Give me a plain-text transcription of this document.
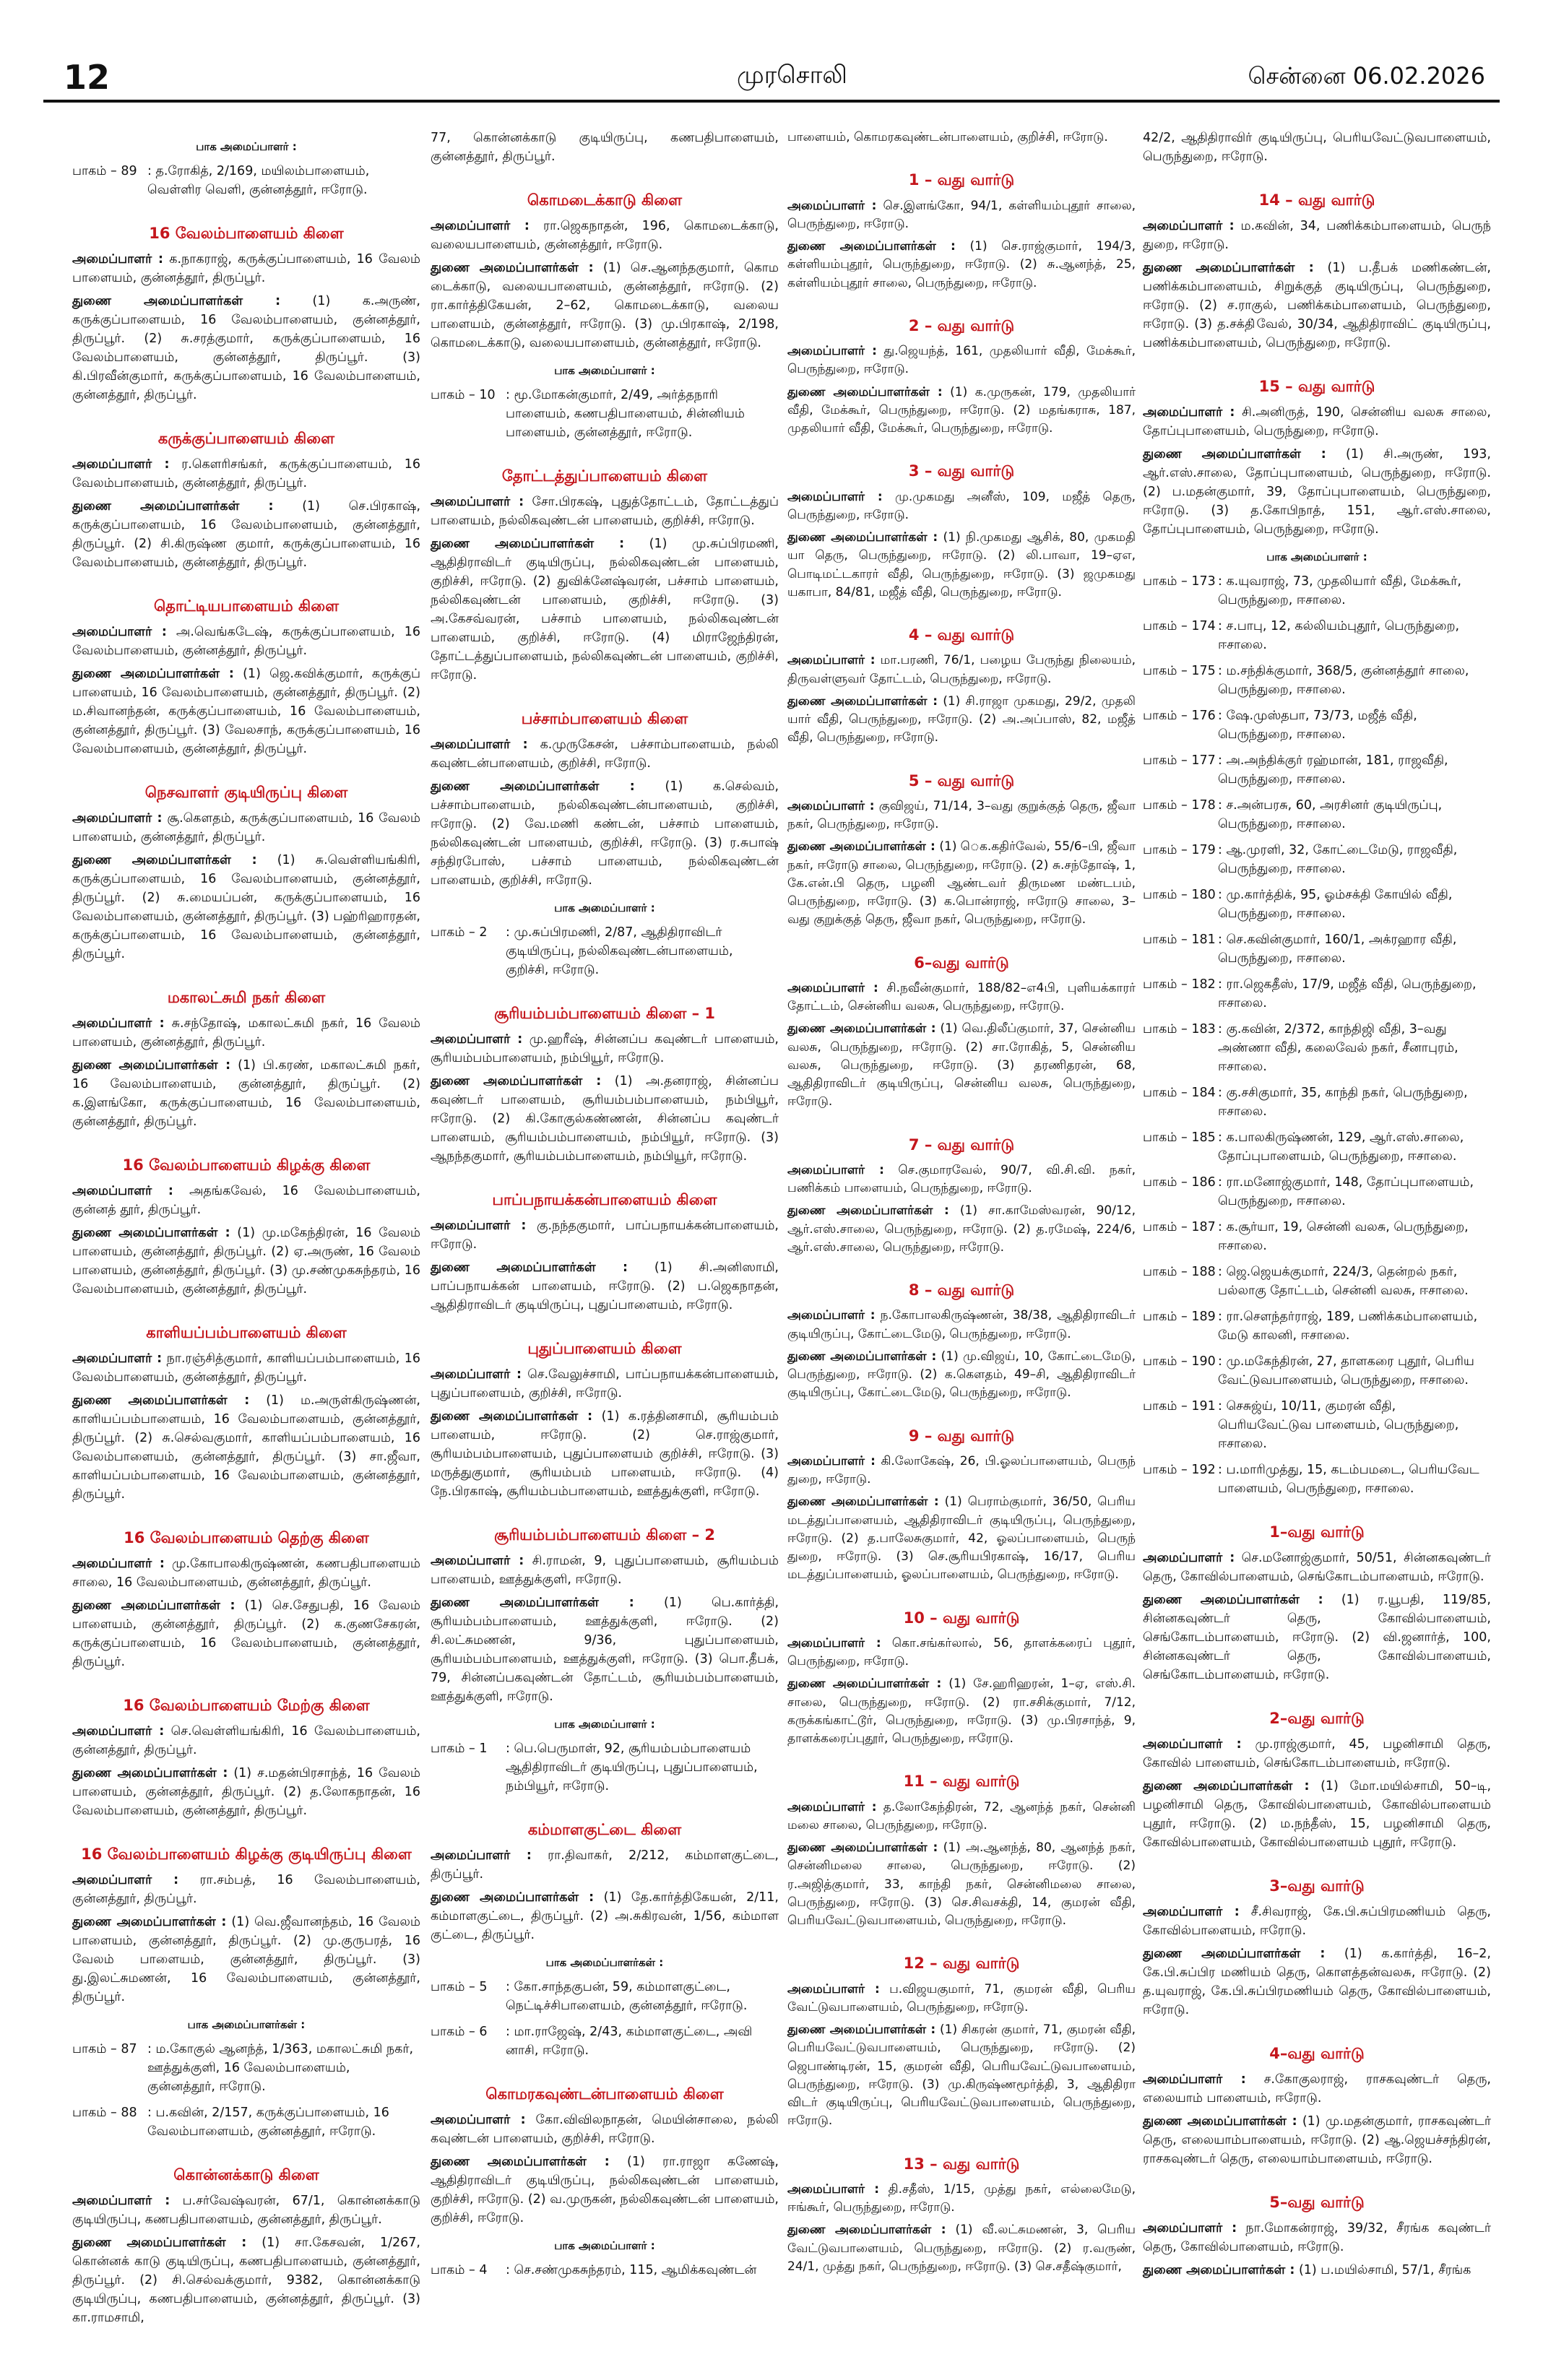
12	முரசொலி	சென்னை 06.02.2026
பாக அமைப்பாளர் :
பாகம் – 89 : த.ரோகித், 2/169, மயிலம்பாளையம், வெள்ளிர வெளி, குன்னத்தூர், ஈரோடு.
16 வேலம்பாளையம் கிளை

அமைப்பாளர் : க.நாகராஜ், கருக்குப்பாளையம், 16 வேலம் பாளையம், குன்னத்தூர், திருப்பூர்.

துணை அமைப்பாளர்கள் : (1) க.அருண், கருக்குப்பாளையம், 16 வேலம்பாளையம், குன்னத்தூர், திருப்பூர். (2) சு.சரத்குமார், கருக்குப்பாளையம், 16 வேலம்பாளையம், குன்னத்தூர், திருப்பூர். (3) கி.பிரவீன்குமார், கருக்குப்பாளையம், 16 வேலம்பாளையம், குன்னத்தூர், திருப்பூர்.

கருக்குப்பாளையம் கிளை

அமைப்பாளர் : ர.கௌரிசங்கர், கருக்குப்பாளையம், 16 வேலம்பாளையம், குன்னத்தூர், திருப்பூர்.

துணை அமைப்பாளர்கள் : (1) செ.பிரகாஷ், கருக்குப்பாளையம், 16 வேலம்பாளையம், குன்னத்தூர், திருப்பூர். (2) சி.கிருஷ்ண குமார், கருக்குப்பாளையம், 16 வேலம்பாளையம், குன்னத்தூர், திருப்பூர்.

தொட்டியபாளையம் கிளை

அமைப்பாளர் : அ.வெங்கடேஷ், கருக்குப்பாளையம், 16 வேலம்பாளையம், குன்னத்தூர், திருப்பூர்.

துணை அமைப்பாளர்கள் : (1) ஜெ.கவிக்குமார், கருக்குப் பாளையம், 16 வேலம்பாளையம், குன்னத்தூர், திருப்பூர். (2) ம.சிவானந்தன், கருக்குப்பாளையம், 16 வேலம்பாளையம், குன்னத்தூர், திருப்பூர். (3) வேலசாந், கருக்குப்பாளையம், 16 வேலம்பாளையம், குன்னத்தூர், திருப்பூர்.

நெசவாளர் குடியிருப்பு கிளை

அமைப்பாளர் : சூ.கௌதம், கருக்குப்பாளையம், 16 வேலம் பாளையம், குன்னத்தூர், திருப்பூர்.

துணை அமைப்பாளர்கள் : (1) சு.வெள்ளியங்கிரி, கருக்குப்பாளையம், 16 வேலம்பாளையம், குன்னத்தூர், திருப்பூர். (2) சு.மையப்பன், கருக்குப்பாளையம், 16 வேலம்பாளையம், குன்னத்தூர், திருப்பூர். (3) பஹ்ரிஹாரதன், கருக்குப்பாளையம், 16 வேலம்பாளையம், குன்னத்தூர், திருப்பூர்.

மகாலட்சுமி நகர் கிளை

அமைப்பாளர் : சு.சந்தோஷ், மகாலட்சுமி நகர், 16 வேலம் பாளையம், குன்னத்தூர், திருப்பூர்.

துணை அமைப்பாளர்கள் : (1) பி.கரண், மகாலட்சுமி நகர், 16 வேலம்பாளையம், குன்னத்தூர், திருப்பூர். (2) க.இளங்கோ, கருக்குப்பாளையம், 16 வேலம்பாளையம், குன்னத்தூர், திருப்பூர்.

16 வேலம்பாளையம் கிழக்கு கிளை

அமைப்பாளர் : அதங்கவேல், 16 வேலம்பாளையம், குன்னத் தூர், திருப்பூர்.

துணை அமைப்பாளர்கள் : (1) மு.மகேந்திரன், 16 வேலம் பாளையம், குன்னத்தூர், திருப்பூர். (2) ஏ.அருண், 16 வேலம் பாளையம், குன்னத்தூர், திருப்பூர். (3) மு.சண்முகசுந்தரம், 16 வேலம்பாளையம், குன்னத்தூர், திருப்பூர்.

காளியப்பம்பாளையம் கிளை

அமைப்பாளர் : நா.ரஞ்சித்குமார், காளியப்பம்பாளையம், 16 வேலம்பாளையம், குன்னத்தூர், திருப்பூர்.

துணை அமைப்பாளர்கள் : (1) ம.அருள்கிருஷ்ணன், காளியப்பம்பாளையம், 16 வேலம்பாளையம், குன்னத்தூர், திருப்பூர். (2) சு.செல்வகுமார், காளியப்பம்பாளையம், 16 வேலம்பாளையம், குன்னத்தூர், திருப்பூர். (3) சா.ஜீவா, காளியப்பம்பாளையம், 16 வேலம்பாளையம், குன்னத்தூர், திருப்பூர்.

16 வேலம்பாளையம் தெற்கு கிளை

அமைப்பாளர் : மு.கோபாலகிருஷ்ணன், கணபதிபாளையம் சாலை, 16 வேலம்பாளையம், குன்னத்தூர், திருப்பூர்.

துணை அமைப்பாளர்கள் : (1) செ.சேதுபதி, 16 வேலம் பாளையம், குன்னத்தூர், திருப்பூர். (2) க.குணசேகரன், கருக்குப்பாளையம், 16 வேலம்பாளையம், குன்னத்தூர், திருப்பூர்.

16 வேலம்பாளையம் மேற்கு கிளை

அமைப்பாளர் : செ.வெள்ளியங்கிரி, 16 வேலம்பாளையம், குன்னத்தூர், திருப்பூர்.

துணை அமைப்பாளர்கள் : (1) ச.மதன்பிரசாந்த், 16 வேலம் பாளையம், குன்னத்தூர், திருப்பூர். (2) த.லோகநாதன், 16 வேலம்பாளையம், குன்னத்தூர், திருப்பூர்.

16 வேலம்பாளையம் கிழக்கு குடியிருப்பு கிளை

அமைப்பாளர் : ரா.சம்பத், 16 வேலம்பாளையம், குன்னத்தூர், திருப்பூர்.

துணை அமைப்பாளர்கள் : (1) வெ.ஜீவானந்தம், 16 வேலம் பாளையம், குன்னத்தூர், திருப்பூர். (2) மு.குருபரத், 16 வேலம் பாளையம், குன்னத்தூர், திருப்பூர். (3) து.இலட்சுமணன், 16 வேலம்பாளையம், குன்னத்தூர், திருப்பூர்.

பாக அமைப்பாளர்கள் :
பாகம் – 87 : ம.கோகுல் ஆனந்த், 1/363, மகாலட்சுமி நகர், ஊத்துக்குளி, 16 வேலம்பாளையம், குன்னத்தூர், ஈரோடு.
பாகம் – 88 : ப.கவின், 2/157, கருக்குப்பாளையம், 16 வேலம்பாளையம், குன்னத்தூர், ஈரோடு.
கொன்னக்காடு கிளை

அமைப்பாளர் : ப.சர்வேஷ்வரன், 67/1, கொன்னக்காடு குடியிருப்பு, கணபதிபாளையம், குன்னத்தூர், திருப்பூர்.

துணை அமைப்பாளர்கள் : (1) சா.கேசவன், 1/267, கொன்னக் காடு குடியிருப்பு, கணபதிபாளையம், குன்னத்தூர், திருப்பூர். (2) சி.செல்வக்குமார், 9382, கொன்னக்காடு குடியிருப்பு, கணபதிபாளையம், குன்னத்தூர், திருப்பூர். (3) கா.ராமசாமி,

77, கொன்னக்காடு குடியிருப்பு, கணபதிபாளையம், குன்னத்தூர், திருப்பூர்.

கொமடைக்காடு கிளை

அமைப்பாளர் : ரா.ஜெகநாதன், 196, கொமடைக்காடு, வலையபாளையம், குன்னத்தூர், ஈரோடு.

துணை அமைப்பாளர்கள் : (1) செ.ஆனந்தகுமார், கொம டைக்காடு, வலையபாளையம், குன்னத்தூர், ஈரோடு. (2) ரா.கார்த்திகேயன், 2–62, கொமடைக்காடு, வலைய பாளையம், குன்னத்தூர், ஈரோடு. (3) மு.பிரகாஷ், 2/198, கொமடைக்காடு, வலையபாளையம், குன்னத்தூர், ஈரோடு.

பாக அமைப்பாளர் :
பாகம் – 10 : மூ.மோகன்குமார், 2/49, அர்த்தநாரி பாளையம், கணபதிபாளையம், சின்னியம் பாளையம், குன்னத்தூர், ஈரோடு.
தோட்டத்துப்பாளையம் கிளை

அமைப்பாளர் : சோ.பிரகஷ், புதுத்தோட்டம், தோட்டத்துப் பாளையம், நல்லிகவுண்டன் பாளையம், குறிச்சி, ஈரோடு.

துணை அமைப்பாளர்கள் : (1) மு.சுப்பிரமணி, ஆதிதிராவிடர் குடியிருப்பு, நல்லிகவுண்டன் பாளையம், குறிச்சி, ஈரோடு. (2) துவிக்னேஷ்வரன், பச்சாம் பாளையம், நல்லிகவுண்டன் பாளையம், குறிச்சி, ஈரோடு. (3) அ.கேசவ்வரன், பச்சாம் பாளையம், நல்லிகவுண்டன் பாளையம், குறிச்சி, ஈரோடு. (4) மிராஜேந்திரன், தோட்டத்துப்பாளையம், நல்லிகவுண்டன் பாளையம், குறிச்சி, ஈரோடு.

பச்சாம்பாளையம் கிளை

அமைப்பாளர் : க.முருகேசன், பச்சாம்பாளையம், நல்லி கவுண்டன்பாளையம், குறிச்சி, ஈரோடு.

துணை அமைப்பாளர்கள் : (1) க.செல்வம், பச்சாம்பாளையம், நல்லிகவுண்டன்பாளையம், குறிச்சி, ஈரோடு. (2) வே.மணி கண்டன், பச்சாம் பாளையம், நல்லிகவுண்டன் பாளையம், குறிச்சி, ஈரோடு. (3) ர.சுபாஷ் சந்திரபோஸ், பச்சாம் பாளையம், நல்லிகவுண்டன் பாளையம், குறிச்சி, ஈரோடு.

பாக அமைப்பாளர் :
பாகம் – 2	: மு.சுப்பிரமணி, 2/87, ஆதிதிராவிடர் குடியிருப்பு, நல்லிகவுண்டன்பாளையம், குறிச்சி, ஈரோடு.
சூரியம்பம்பாளையம் கிளை – 1

அமைப்பாளர் : மு.ஹரீஷ், சின்னப்ப கவுண்டர் பாளையம், சூரியம்பம்பாளையம், நம்பியூர், ஈரோடு.

துணை அமைப்பாளர்கள் : (1) அ.தனராஜ், சின்னப்ப கவுண்டர் பாளையம், சூரியம்பம்பாளையம், நம்பியூர், ஈரோடு. (2) கி.கோகுல்கண்ணன், சின்னப்ப கவுண்டர் பாளையம், சூரியம்பம்பாளையம், நம்பியூர், ஈரோடு. (3) ஆநந்தகுமார், சூரியம்பம்பாளையம், நம்பியூர், ஈரோடு.

பாப்பநாயக்கன்பாளையம் கிளை

அமைப்பாளர் : கு.நந்தகுமார், பாப்பநாயக்கன்பாளையம், ஈரோடு.

துணை அமைப்பாளர்கள் : (1) சி.அனிஸாமி, பாப்பநாயக்கன் பாளையம், ஈரோடு. (2) ப.ஜெகநாதன், ஆதிதிராவிடர் குடியிருப்பு, புதுப்பாளையம், ஈரோடு.

புதுப்பாளையம் கிளை

அமைப்பாளர் : செ.வேலுச்சாமி, பாப்பநாயக்கன்பாளையம், புதுப்பாளையம், குறிச்சி, ஈரோடு.

துணை அமைப்பாளர்கள் : (1) க.ரத்தினசாமி, சூரியம்பம் பாளையம், ஈரோடு. (2) செ.ராஜ்குமார், சூரியம்பம்பாளையம், புதுப்பாளையம் குறிச்சி, ஈரோடு. (3) மருத்துகுமார், சூரியம்பம் பாளையம், ஈரோடு. (4) நே.பிரகாஷ், சூரியம்பம்பாளையம், ஊத்துக்குளி, ஈரோடு.

சூரியம்பம்பாளையம் கிளை – 2

அமைப்பாளர் : சி.ராமன், 9, புதுப்பாளையம், சூரியம்பம் பாளையம், ஊத்துக்குளி, ஈரோடு.

துணை அமைப்பாளர்கள் : (1) பெ.கார்த்தி, சூரியம்பம்பாளையம், ஊத்துக்குளி, ஈரோடு. (2) சி.லட்சுமணன், 9/36, புதுப்பாளையம், சூரியம்பம்பாளையம், ஊத்துக்குளி, ஈரோடு. (3) பொ.தீபக், 79, சின்னப்பகவுண்டன் தோட்டம், சூரியம்பம்பாளையம், ஊத்துக்குளி, ஈரோடு.

பாக அமைப்பாளர் :
பாகம் – 1	: பெ.பெருமாள், 92, சூரியம்பம்பாளையம் ஆதிதிராவிடர் குடியிருப்பு, புதுப்பாளையம், நம்பியூர், ஈரோடு.
கம்மாளகுட்டை கிளை

அமைப்பாளர் : ரா.திவாகர், 2/212, கம்மாளகுட்டை, திருப்பூர்.

துணை அமைப்பாளர்கள் : (1) தே.கார்த்திகேயன், 2/11, கம்மாளகுட்டை, திருப்பூர். (2) அ.சுகிரவன், 1/56, கம்மாள குட்டை, திருப்பூர்.

பாக அமைப்பாளர்கள் :
பாகம் – 5	: கோ.சாந்தகுபன், 59, கம்மாளகுட்டை, நெட்டிச்சிபாளையம், குன்னத்தூர், ஈரோடு.
பாகம் – 6	: மா.ராஜேஷ், 2/43, கம்மாளகுட்டை, அவி னாசி, ஈரோடு.
கொமரகவுண்டன்பாளையம் கிளை

அமைப்பாளர் : கோ.விவிலநாதன், மெயின்சாலை, நல்லி கவுண்டன் பாளையம், குறிச்சி, ஈரோடு.

துணை அமைப்பாளர்கள் : (1) ரா.ராஜா கணேஷ், ஆதிதிராவிடர் குடியிருப்பு, நல்லிகவுண்டன் பாளையம், குறிச்சி, ஈரோடு. (2) வ.முருகன், நல்லிகவுண்டன் பாளையம், குறிச்சி, ஈரோடு.

பாக அமைப்பாளர் :
பாகம் – 4	: செ.சண்முகசுந்தரம், 115, ஆமிக்கவுண்டன்

பாளையம், கொமரகவுண்டன்பாளையம், குறிச்சி, ஈரோடு.

1 – வது வார்டு

அமைப்பாளர் : செ.இளங்கோ, 94/1, கள்ளியம்புதூர் சாலை, பெருந்துறை, ஈரோடு.

துணை அமைப்பாளர்கள் : (1) செ.ராஜ்குமார், 194/3, கள்ளியம்புதூர், பெருந்துறை, ஈரோடு. (2) சு.ஆனந்த், 25, கள்ளியம்புதூர் சாலை, பெருந்துறை, ஈரோடு.

2 – வது வார்டு

அமைப்பாளர் : து.ஜெயந்த், 161, முதலியார் வீதி, மேக்கூர், பெருந்துறை, ஈரோடு.

துணை அமைப்பாளர்கள் : (1) க.முருகன், 179, முதலியார் வீதி, மேக்கூர், பெருந்துறை, ஈரோடு. (2) மதங்கராசு, 187, முதலியார் வீதி, மேக்கூர், பெருந்துறை, ஈரோடு.

3 – வது வார்டு

அமைப்பாளர் : மு.முகமது அனீஸ், 109, மஜீத் தெரு, பெருந்துறை, ஈரோடு.

துணை அமைப்பாளர்கள் : (1) நி.முகமது ஆசிக், 80, முகமதி யா தெரு, பெருந்துறை, ஈரோடு. (2) லி.பாவா, 19–ஏஎ, பொடிமட்டகாரர் வீதி, பெருந்துறை, ஈரோடு. (3) ஜமுகமது யகாபா, 84/81, மஜீத் வீதி, பெருந்துறை, ஈரோடு.

4 – வது வார்டு

அமைப்பாளர் : மா.பரணி, 76/1, பழைய பேருந்து நிலையம், திருவள்ளுவர் தோட்டம், பெருந்துறை, ஈரோடு.

துணை அமைப்பாளர்கள் : (1) சி.ராஜா முகமது, 29/2, முதலி யார் வீதி, பெருந்துறை, ஈரோடு. (2) அ.அப்பாஸ், 82, மஜீத் வீதி, பெருந்துறை, ஈரோடு.

5 – வது வார்டு

அமைப்பாளர் : குவிஜய், 71/14, 3–வது குறுக்குத் தெரு, ஜீவா நகர், பெருந்துறை, ஈரோடு.

துணை அமைப்பாளர்கள் : (1) ெக.கதிர்வேல், 55/6–பி, ஜீவா நகர், ஈரோடு சாலை, பெருந்துறை, ஈரோடு. (2) சு.சந்தோஷ், 1, கே.என்.பி தெரு, பழனி ஆண்டவர் திருமண மண்டபம், பெருந்துறை, ஈரோடு. (3) க.பொன்ராஜ், ஈரோடு சாலை, 3–வது குறுக்குத் தெரு, ஜீவா நகர், பெருந்துறை, ஈரோடு.

6–வது வார்டு

அமைப்பாளர் : சி.நவீன்குமார், 188/82–எ4பி, புளியக்காரர் தோட்டம், சென்னிய வலசு, பெருந்துறை, ஈரோடு.

துணை அமைப்பாளர்கள் : (1) வெ.திலீப்குமார், 37, சென்னிய வலசு, பெருந்துறை, ஈரோடு. (2) சா.ரோகித், 5, சென்னிய வலசு, பெருந்துறை, ஈரோடு. (3) தரணிதரன், 68, ஆதிதிராவிடர் குடியிருப்பு, சென்னிய வலசு, பெருந்துறை, ஈரோடு.

7 – வது வார்டு

அமைப்பாளர் : செ.குமாரவேல், 90/7, வி.சி.வி. நகர், பணிக்கம் பாளையம், பெருந்துறை, ஈரோடு.

துணை அமைப்பாளர்கள் : (1) சா.காமேஸ்வரன், 90/12, ஆர்.எஸ்.சாலை, பெருந்துறை, ஈரோடு. (2) த.ரமேஷ், 224/6, ஆர்.எஸ்.சாலை, பெருந்துறை, ஈரோடு.

8 – வது வார்டு

அமைப்பாளர் : ந.கோபாலகிருஷ்ணன், 38/38, ஆதிதிராவிடர் குடியிருப்பு, கோட்டைமேடு, பெருந்துறை, ஈரோடு.

துணை அமைப்பாளர்கள் : (1) மு.விஜய், 10, கோட்டைமேடு, பெருந்துறை, ஈரோடு. (2) க.கௌதம், 49–சி, ஆதிதிராவிடர் குடியிருப்பு, கோட்டைமேடு, பெருந்துறை, ஈரோடு.

9 – வது வார்டு

அமைப்பாளர் : கி.லோகேஷ், 26, பி.ஓலப்பாளையம், பெருந் துறை, ஈரோடு.

துணை அமைப்பாளர்கள் : (1) பெராம்குமார், 36/50, பெரிய மடத்துப்பாளையம், ஆதிதிராவிடர் குடியிருப்பு, பெருந்துறை, ஈரோடு. (2) த.பாலேசுகுமார், 42, ஓலப்பாளையம், பெருந் துறை, ஈரோடு. (3) செ.சூரியபிரகாஷ், 16/17, பெரிய மடத்துப்பாளையம், ஓலப்பாளையம், பெருந்துறை, ஈரோடு.

10 – வது வார்டு

அமைப்பாளர் : கொ.சங்கர்லால், 56, தாளக்கரைப் புதூர், பெருந்துறை, ஈரோடு.

துணை அமைப்பாளர்கள் : (1) சே.ஹரிஹரன், 1–ஏ, எஸ்.சி. சாலை, பெருந்துறை, ஈரோடு. (2) ரா.சசிக்குமார், 7/12, கருக்கங்காட்டூர், பெருந்துறை, ஈரோடு. (3) மு.பிரசாந்த், 9, தாளக்கரைப்புதூர், பெருந்துறை, ஈரோடு.

11 – வது வார்டு

அமைப்பாளர் : த.லோகேந்திரன், 72, ஆனந்த் நகர், சென்னி மலை சாலை, பெருந்துறை, ஈரோடு.

துணை அமைப்பாளர்கள் : (1) அ.ஆனந்த், 80, ஆனந்த் நகர், சென்னிமலை சாலை, பெருந்துறை, ஈரோடு. (2) ர.அஜித்குமார், 33, காந்தி நகர், சென்னிமலை சாலை, பெருந்துறை, ஈரோடு. (3) செ.சிவசக்தி, 14, குமரன் வீதி, பெரியவேட்டுவபாளையம், பெருந்துறை, ஈரோடு.

12 – வது வார்டு

அமைப்பாளர் : ப.விஜயகுமார், 71, குமரன் வீதி, பெரிய வேட்டுவபாளையம், பெருந்துறை, ஈரோடு.

துணை அமைப்பாளர்கள் : (1) சிகரன் குமார், 71, குமரன் வீதி, பெரியவேட்டுவபாளையம், பெருந்துறை, ஈரோடு. (2) ஜெபாண்டிரன், 15, குமரன் வீதி, பெரியவேட்டுவபாளையம், பெருந்துறை, ஈரோடு. (3) மு.கிருஷ்ணமூர்த்தி, 3, ஆதிதிரா விடர் குடியிருப்பு, பெரியவேட்டுவபாளையம், பெருந்துறை, ஈரோடு.

13 – வது வார்டு

அமைப்பாளர் : தி.சதீஸ், 1/15, முத்து நகர், எல்லைமேடு, ஈங்கூர், பெருந்துறை, ஈரோடு.

துணை அமைப்பாளர்கள் : (1) வீ.லட்சுமணன், 3, பெரிய வேட்டுவபாளையம், பெருந்துறை, ஈரோடு. (2) ர.வருண், 24/1, முத்து நகர், பெருந்துறை, ஈரோடு. (3) செ.சதீஷ்குமார்,

42/2, ஆதிதிராவிர் குடியிருப்பு, பெரியவேட்டுவபாளையம், பெருந்துறை, ஈரோடு.

14 – வது வார்டு

அமைப்பாளர் : ம.கவின், 34, பணிக்கம்பாளையம், பெருந் துறை, ஈரோடு.

துணை அமைப்பாளர்கள் : (1) ப.தீபக் மணிகண்டன், பணிக்கம்பாளையம், சிறுக்குத் குடியிருப்பு, பெருந்துறை, ஈரோடு. (2) ச.ராகுல், பணிக்கம்பாளையம், பெருந்துறை, ஈரோடு. (3) த.சக்தி்வேல், 30/34, ஆதிதிராவிட் குடியிருப்பு, பணிக்கம்பாளையம், பெருந்துறை, ஈரோடு.

15 – வது வார்டு

அமைப்பாளர் : சி.அனிருத், 190, சென்னிய வலசு சாலை, தோப்புபாளையம், பெருந்துறை, ஈரோடு.

துணை அமைப்பாளர்கள் : (1) சி.அருண், 193, ஆர்.எஸ்.சாலை, தோப்புபாளையம், பெருந்துறை, ஈரோடு. (2) ப.மதன்குமார், 39, தோப்புபாளையம், பெருந்துறை, ஈரோடு. (3) த.கோபிநாத், 151, ஆர்.எஸ்.சாலை, தோப்புபாளையம், பெருந்துறை, ஈரோடு.

பாக அமைப்பாளர் :
பாகம் – 173 : க.யுவராஜ், 73, முதலியார் வீதி, மேக்கூர், பெருந்துறை, ஈசாலை.
பாகம் – 174 : ச.பாபு, 12, கல்லியம்புதூர், பெருந்துறை, ஈசாலை.
பாகம் – 175 : ம.சந்திக்குமார், 368/5, குன்னத்தூர் சாலை, பெருந்துறை, ஈசாலை.
பாகம் – 176 : ஷே.முஸ்தபா, 73/73, மஜீத் வீதி, பெருந்துறை, ஈசாலை.
பாகம் – 177 : அ.அந்திக்குர் ரஹ்மான், 181, ராஜவீதி, பெருந்துறை, ஈசாலை.
பாகம் – 178 : ச.அன்பரசு, 60, அரசினர் குடியிருப்பு, பெருந்துறை, ஈசாலை.
பாகம் – 179 : ஆ.முரளி, 32, கோட்டைமேடு, ராஜவீதி, பெருந்துறை, ஈசாலை.
பாகம் – 180 : மு.கார்த்திக், 95, ஓம்சக்தி கோயில் வீதி, பெருந்துறை, ஈசாலை.
பாகம் – 181 : செ.கவின்குமார், 160/1, அக்ரஹார வீதி, பெருந்துறை, ஈசாலை.
பாகம் – 182 : ரா.ஜெகதீஸ், 17/9, மஜீத் வீதி, பெருந்துறை, ஈசாலை.
பாகம் – 183 : கு.கவின், 2/372, காந்திஜி வீதி, 3–வது அண்ணா வீதி, கலைவேல் நகர், சீனாபுரம், ஈசாலை.
பாகம் – 184 : கு.சசிகுமார், 35, காந்தி நகர், பெருந்துறை, ஈசாலை.
பாகம் – 185 : க.பாலகிருஷ்ணன், 129, ஆர்.எஸ்.சாலை, தோப்புபாளையம், பெருந்துறை, ஈசாலை.
பாகம் – 186 : ரா.மனோஜ்குமார், 148, தோப்புபாளையம், பெருந்துறை, ஈசாலை.
பாகம் – 187 : க.சூர்யா, 19, சென்னி வலசு, பெருந்துறை, ஈசாலை.
பாகம் – 188 : ஜெ.ஜெயக்குமார், 224/3, தென்றல் நகர், பல்லாகு தோட்டம், சென்னி வலசு, ஈசாலை.
பாகம் – 189 : ரா.செளந்தர்ராஜ், 189, பணிக்கம்பாளையம், மேடு காலனி, ஈசாலை.
பாகம் – 190 : மு.மகேந்திரன், 27, தாளகரை புதூர், பெரிய வேட்டுவபாளையம், பெருந்துறை, ஈசாலை.
பாகம் – 191 : செசுஜ்ய், 10/11, குமரன் வீதி, பெரியவேட்டுவ பாளையம், பெருந்துறை, ஈசாலை.
பாகம் – 192 : ப.மாரிமுத்து, 15, கடம்பமடை, பெரியவேட பாளையம், பெருந்துறை, ஈசாலை.
1–வது வார்டு

அமைப்பாளர் : செ.மனோஜ்குமார், 50/51, சின்னகவுண்டர் தெரு, கோவில்பாளையம், செங்கோடம்பாளையம், ஈரோடு.

துணை அமைப்பாளர்கள் : (1) ர.யூபதி, 119/85, சின்னகவுண்டர் தெரு, கோவில்பாளையம், செங்கோடம்பாளையம், ஈரோடு. (2) வி.ஜனார்த், 100, சின்னகவுண்டர் தெரு, கோவில்பாளையம், செங்கோடம்பாளையம், ஈரோடு.

2–வது வார்டு

அமைப்பாளர் : மு.ராஜ்குமார், 45, பழனிசாமி தெரு, கோவில் பாளையம், செங்கோடம்பாளையம், ஈரோடு.

துணை அமைப்பாளர்கள் : (1) மோ.மயில்சாமி, 50–டி, பழனிசாமி தெரு, கோவில்பாளையம், கோவில்பாளையம் புதூர், ஈரோடு. (2) ம.நந்தீஸ், 15, பழனிசாமி தெரு, கோவில்பாளையம், கோவில்பாளையம் புதூர், ஈரோடு.

3–வது வார்டு

அமைப்பாளர் : சீ.சிவராஜ், கே.பி.சுப்பிரமணியம் தெரு, கோவில்பாளையம், ஈரோடு.

துணை அமைப்பாளர்கள் : (1) க.கார்த்தி, 16–2, கே.பி.சுப்பிர மணியம் தெரு, கொளத்தன்வலசு, ஈரோடு. (2) த.யுவராஜ், கே.பி.சுப்பிரமணியம் தெரு, கோவில்பாளையம், ஈரோடு.

4–வது வார்டு

அமைப்பாளர் : ச.கோகுலராஜ், ராசகவுண்டர் தெரு, எலையாம் பாளையம், ஈரோடு.

துணை அமைப்பாளர்கள் : (1) மு.மதன்குமார், ராசகவுண்டர் தெரு, எலையாம்பாளையம், ஈரோடு. (2) ஆ.ஜெயச்சந்திரன், ராசகவுண்டர் தெரு, எலையாம்பாளையம், ஈரோடு.

5–வது வார்டு

அமைப்பாளர் : நா.மோகன்ராஜ், 39/32, சீரங்க கவுண்டர் தெரு, கோவில்பாளையம், ஈரோடு.

துணை அமைப்பாளர்கள் : (1) ப.மயில்சாமி, 57/1, சீரங்க
